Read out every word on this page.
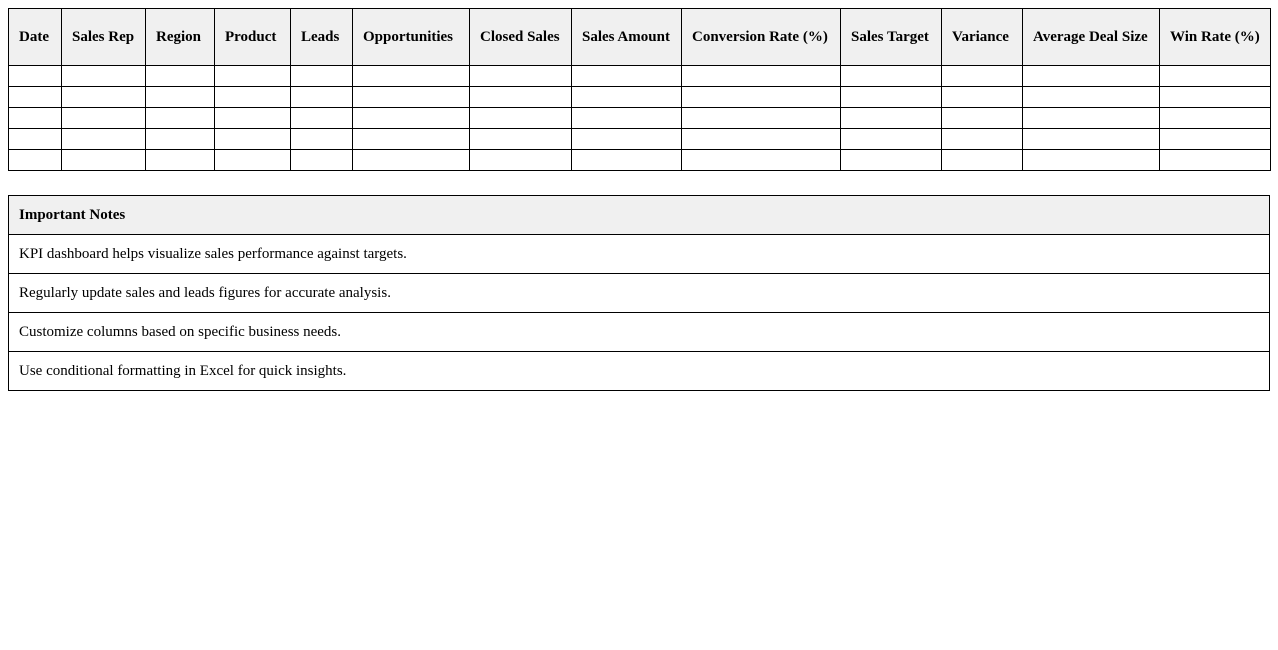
Date	Sales Rep	Region	Product	Leads	Opportunities	Closed Sales	Sales Amount	Conversion Rate (%)	Sales Target	Variance	Average Deal Size	Win Rate (%)

Important Notes
KPI dashboard helps visualize sales performance against targets.
Regularly update sales and leads figures for accurate analysis.
Customize columns based on specific business needs.
Use conditional formatting in Excel for quick insights.
